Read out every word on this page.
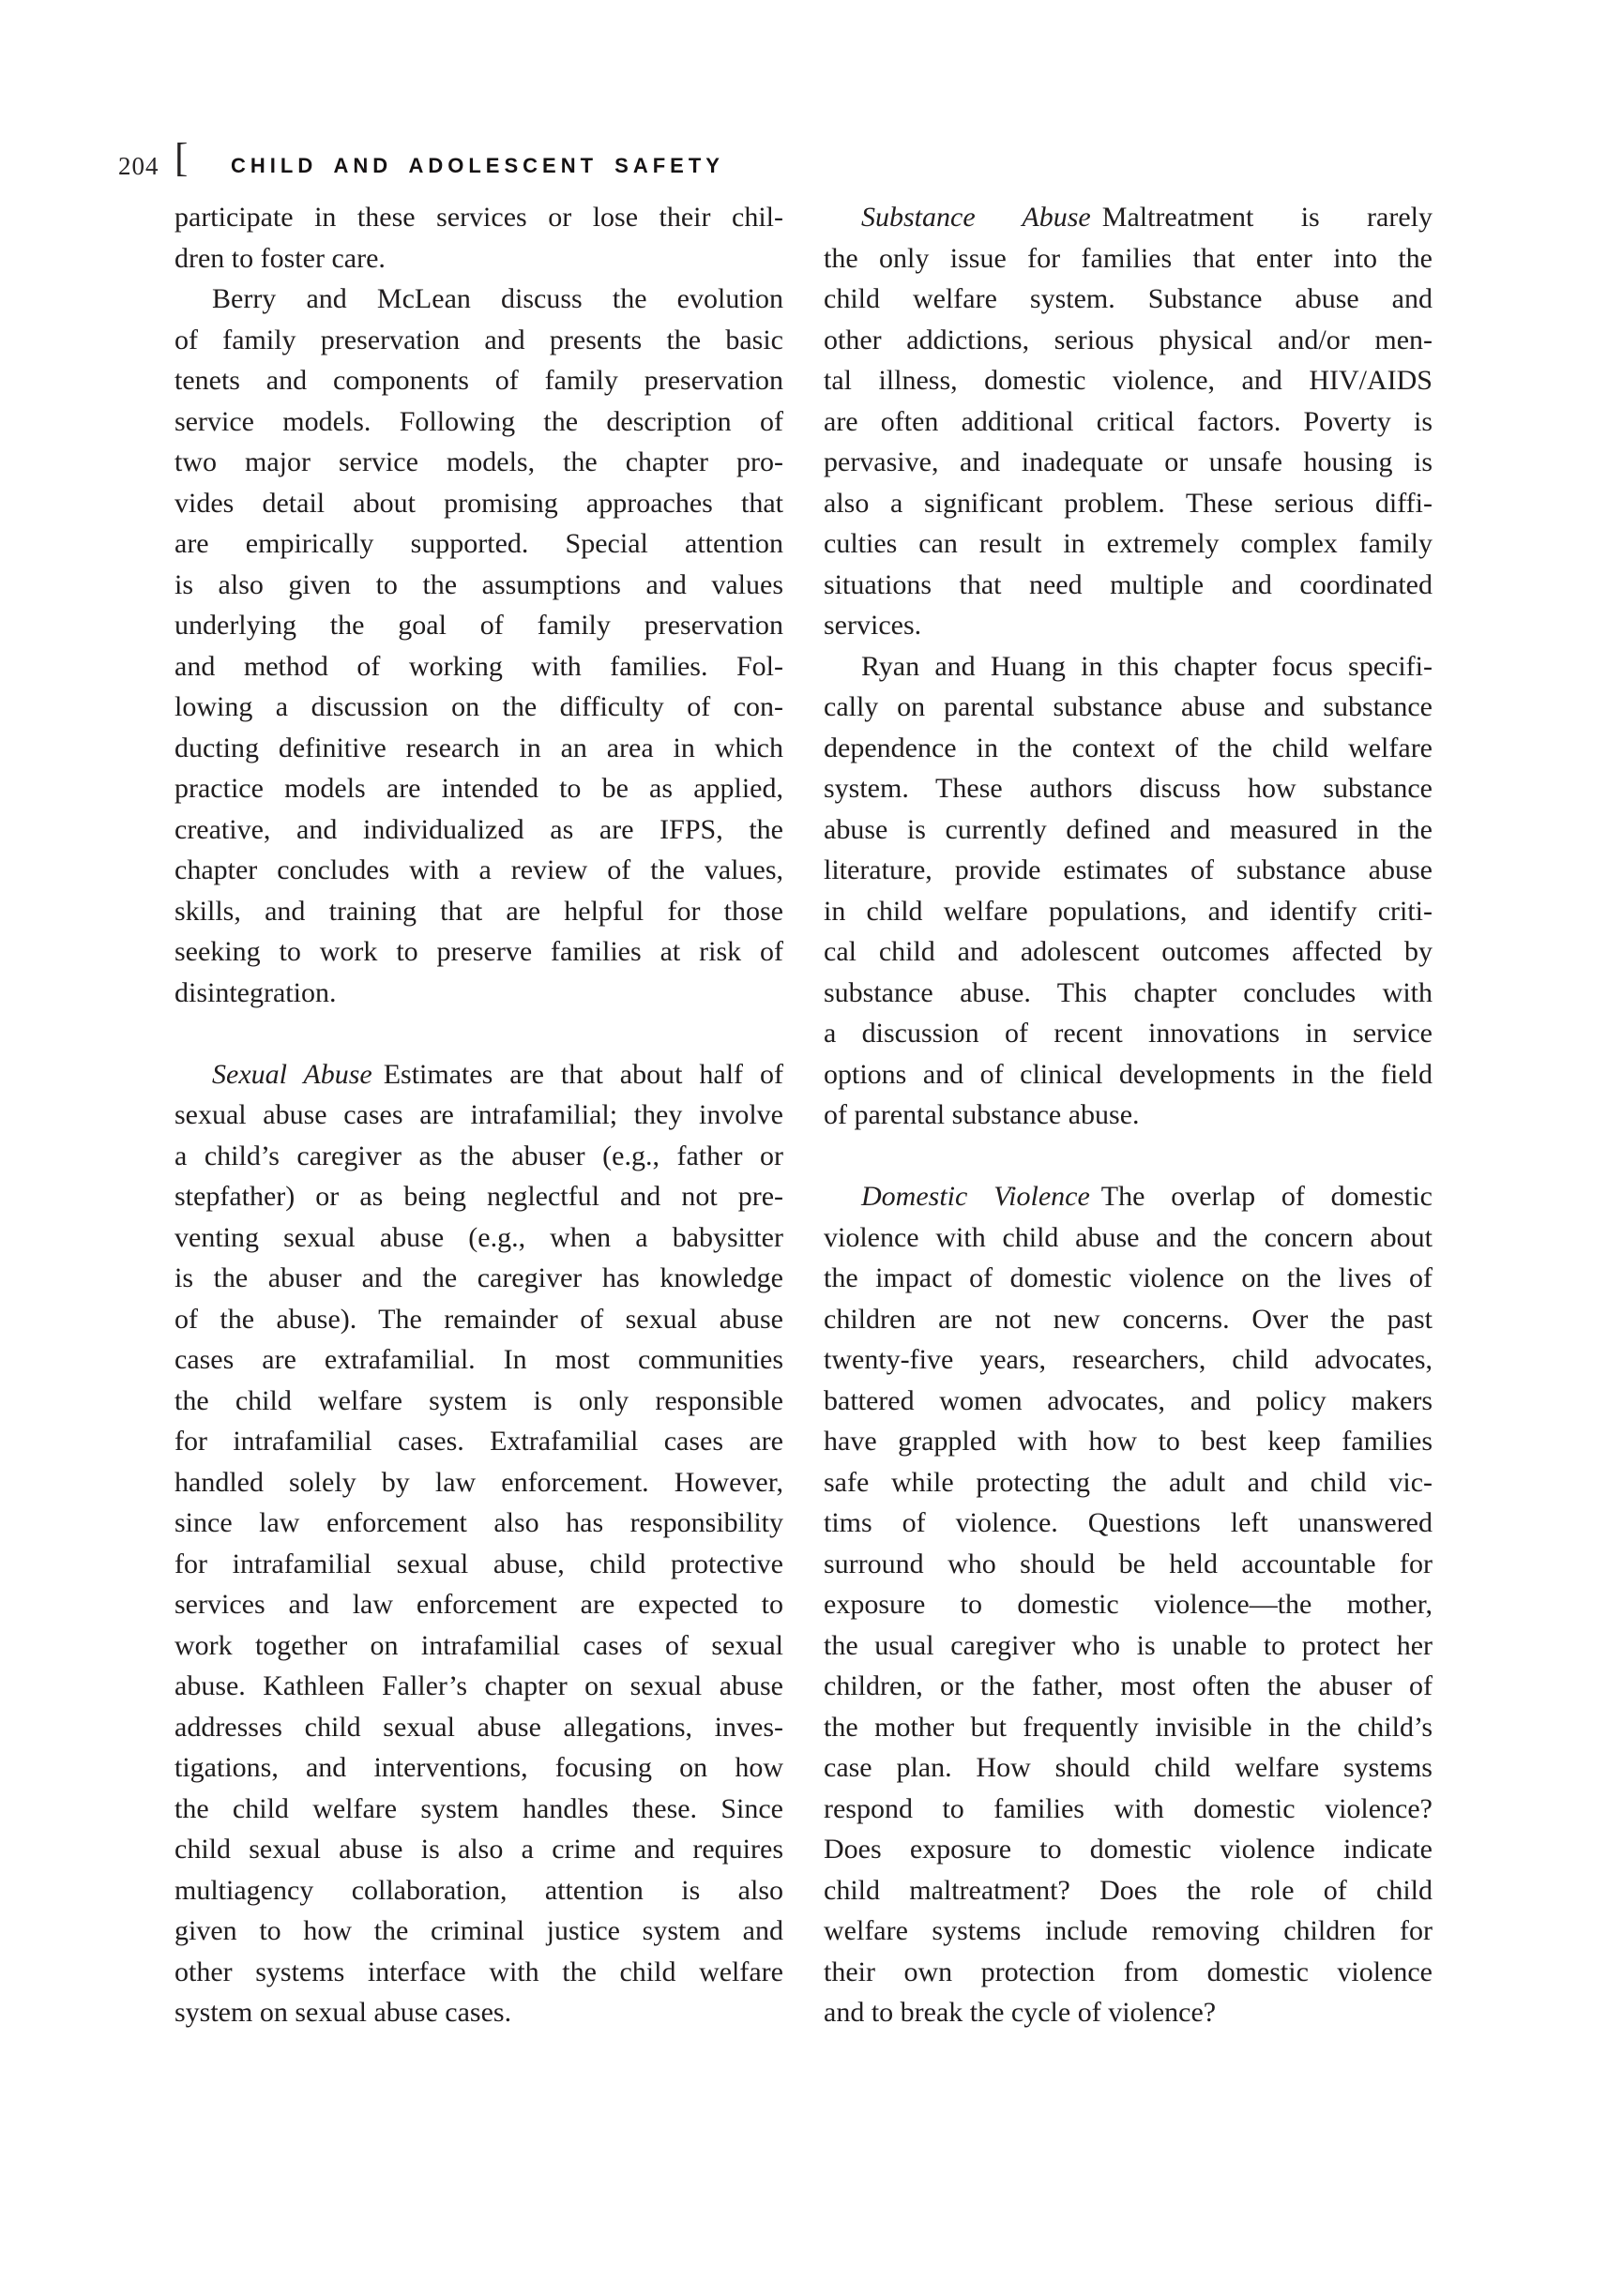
204 [ CHILD AND ADOLESCENT SAFETY
participate in these services or lose their chil-
dren to foster care.
Berry and McLean discuss the evolution
of family preservation and presents the basic
tenets and components of family preservation
service models. Following the description of
two major service models, the chapter pro-
vides detail about promising approaches that
are empirically supported. Special attention
is also given to the assumptions and values
underlying the goal of family preservation
and method of working with families. Fol-
lowing a discussion on the difficulty of con-
ducting definitive research in an area in which
practice models are intended to be as applied,
creative, and individualized as are IFPS, the
chapter concludes with a review of the values,
skills, and training that are helpful for those
seeking to work to preserve families at risk of
disintegration.
Sexual Abuse Estimates are that about half of
sexual abuse cases are intrafamilial; they involve
a child’s caregiver as the abuser (e.g., father or
stepfather) or as being neglectful and not pre-
venting sexual abuse (e.g., when a babysitter
is the abuser and the caregiver has knowledge
of the abuse). The remainder of sexual abuse
cases are extrafamilial. In most communities
the child welfare system is only responsible
for intrafamilial cases. Extrafamilial cases are
handled solely by law enforcement. However,
since law enforcement also has responsibility
for intrafamilial sexual abuse, child protective
services and law enforcement are expected to
work together on intrafamilial cases of sexual
abuse. Kathleen Faller’s chapter on sexual abuse
addresses child sexual abuse allegations, inves-
tigations, and interventions, focusing on how
the child welfare system handles these. Since
child sexual abuse is also a crime and requires
multiagency collaboration, attention is also
given to how the criminal justice system and
other systems interface with the child welfare
system on sexual abuse cases.
Substance Abuse Maltreatment is rarely
the only issue for families that enter into the
child welfare system. Substance abuse and
other addictions, serious physical and/or men-
tal illness, domestic violence, and HIV/AIDS
are often additional critical factors. Poverty is
pervasive, and inadequate or unsafe housing is
also a significant problem. These serious diffi-
culties can result in extremely complex family
situations that need multiple and coordinated
services.
Ryan and Huang in this chapter focus specifi-
cally on parental substance abuse and substance
dependence in the context of the child welfare
system. These authors discuss how substance
abuse is currently defined and measured in the
literature, provide estimates of substance abuse
in child welfare populations, and identify criti-
cal child and adolescent outcomes affected by
substance abuse. This chapter concludes with
a discussion of recent innovations in service
options and of clinical developments in the field
of parental substance abuse.
Domestic Violence The overlap of domestic
violence with child abuse and the concern about
the impact of domestic violence on the lives of
children are not new concerns. Over the past
twenty-five years, researchers, child advocates,
battered women advocates, and policy makers
have grappled with how to best keep families
safe while protecting the adult and child vic-
tims of violence. Questions left unanswered
surround who should be held accountable for
exposure to domestic violence—the mother,
the usual caregiver who is unable to protect her
children, or the father, most often the abuser of
the mother but frequently invisible in the child’s
case plan. How should child welfare systems
respond to families with domestic violence?
Does exposure to domestic violence indicate
child maltreatment? Does the role of child
welfare systems include removing children for
their own protection from domestic violence
and to break the cycle of violence?
